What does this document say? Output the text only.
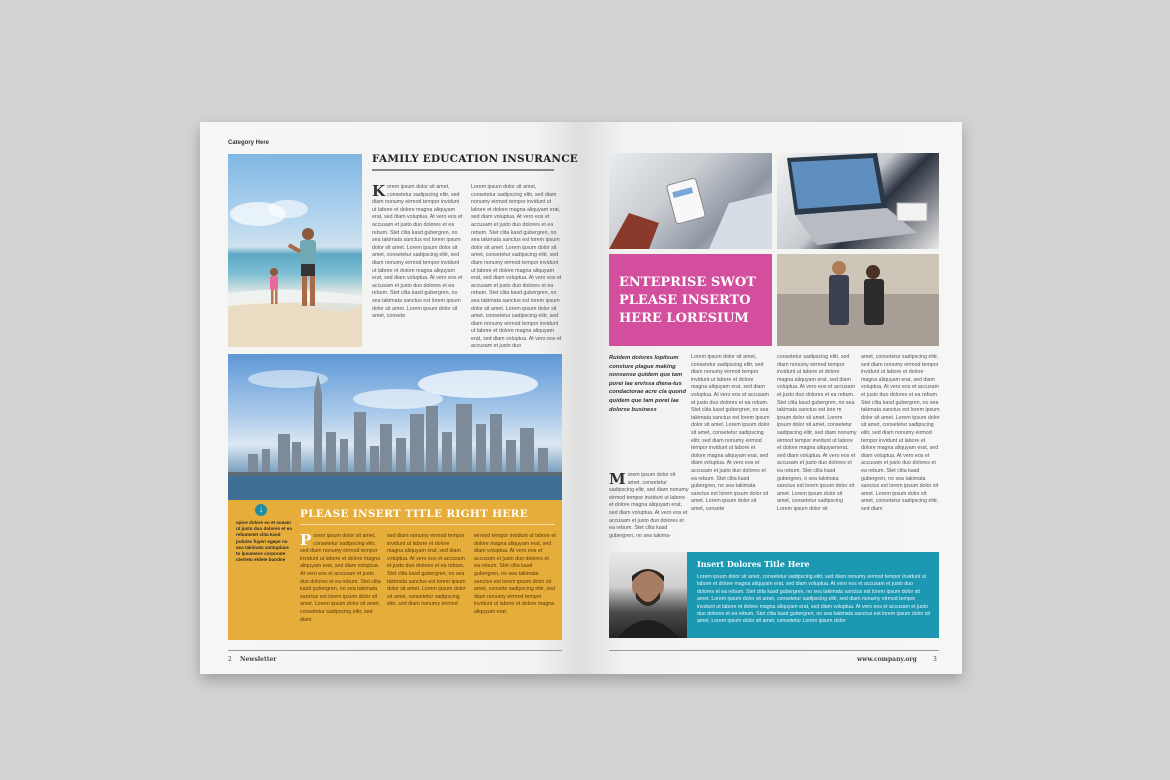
Category Here
FAMILY EDUCATION INSURANCE
Korem ipsum dolor sit amet, consetetur sadipscing elitr, sed diam nonumy eirmod tempor invidunt ut labore et dolore magna aliquyam erat, sed diam voluptua. At vero eos et accusam et justo duo dolores et ea rebum. Stet clita kasd gubergren, no sea takimata sanctus est lorem ipsum dolor sit amet. Lorem ipsum dolor sit amet, consetetur sadipscing elitr, sed diam nonumy eirmod tempor invidunt ut labore et dolore magna aliquyam erat, sed diam voluptua. At vero eos et accusam et justo duo dolores et ea rebum. Stet clita kasd gubergren, no sea takimata sanctus est lorem ipsum dolor sit amet. Lorem ipsum dolor sit amet, consete
Lorem ipsum dolor sit amet, consetetur sadipscing elitr, sed diam nonumy eirmod tempor invidunt ut labore et dolore magna aliquyam erat, sed diam voluptua. At vero eos et accusam et justo duo dolores et ea rebum. Stet clita kasd gubergren, no sea takimata sanctus est lorem ipsum dolor sit amet. Lorem ipsum dolor sit amet, consetetur sadipscing elitr, sed diam nonumy eirmod tempor invidunt ut labore et dolore magna aliquyam erat, sed diam voluptua. At vero eos et accusam et justo duo dolores et ea rebum. Stet clita kasd gubergren, no sea takimata sanctus est lorem ipsum dolor sit amet. Lorem ipsum dolor sit amet, consetetur sadipscing elitr, sed diam nonumy eirmod tempor invidunt ut labore et dolore magna aliquyam erat, sed diam voluptua. At vero eos et accusam et justo duo
↓
spice dolore eo et soeam ut justo duo dolores et ea rebumstet clita kasd jodutec fuyeri egepe no sea takimata santuplace to lpsumece corporate ctertetu eldete bundne
PLEASE INSERT TITLE RIGHT HERE
Porem ipsum dolor sit amet, consetetur sadipscing elitr, sed diam nonumy eirmod tempor invidunt ut labore et dolore magna aliquyam erat, sed diam voluptua. At vero eos et accusam et justo duo dolores et ea rebum. Stet clita kasd gubergren, no sea takimata sanctus est lorem ipsum dolor sit amet. Lorem ipsum dolor sit amet, consetetur sadipscing elitr, sed diam
sed diam nonumy eirmod tempor invidunt ut labore et dolore magna aliquyam erat, sed diam voluptua. At vero eos et accusam et justo duo dolores et ea rebum. Stet clita kasd gubergren, no sea takimata sanctus est lorem ipsum dolor sit amet. Lorem ipsum dolor sit amet, consetetur sadipscing elitr, sed diam nonumy eirmod
eirmod tempor invidunt ut labore et dolore magna aliquyam erat, sed diam voluptua. At vero eos et accusam et justo duo dolores et ea rebum. Stet clita kasd gubergren, no sea takimata sanctus est lorem ipsum dolor sit amet, consete sadipscing elitr, sed diam nonumy eirmod tempor invidunt ut labore et dolore magna aliquyam erat.
2 Newsletter
ENTEPRISE SWOT PLEASE INSERTO HERE LORESIUM
Ruidem dolores lopitsum consture plague making nonsense quidem que tam porei lae ervissa diena-tus condactorae acre cla quond quidem que tam porei lae dolorse business
Morem ipsum dolor sit amet, consetetur sadipscing elitr, sed diam nonumy eirmod tempor invidunt ut labore et dolore magna aliquyam erat, sed diam voluptua. At vero eos et accusam et justo duo dolores et ea rebum. Stet clita kasd gubergren, no sea takima-
Lorem ipsum dolor sit amet, consetetur sadipscing elitr, sed diam nonumy eirmod tempor invidunt ut labore et dolore magna aliquyam erat, sed diam voluptua. At vero eos et accusam et justo duo dolores et ea rebum. Stet clita kasd gubergren, no sea takimata sanctus est lorem ipsum dolor sit amet. Lorem ipsum dolor sit amet, consetetur sadipscing elitr, sed diam nonumy eirmod tempor invidunt ut labore et dolore magna aliquyam erat, sed diam voluptua. At vero eos et accusam et justo duo dolores et ea rebum. Stet clita kasd gubergren, no sea takimata sanctus est lorem ipsum dolor sit amet. Lorem ipsum dolor sit amet, consete
consetetur sadipscing elitr, sed diam nonumy eirmod tempor invidunt ut labore et dolore magna aliquyam erat, sed diam voluptua. At vero eos et accusam et justo duo dolores et ea rebum. Stet clita kasd gubergren, no sea takimata sanctus est lore m ipsum dolor sit amet. Lorem ipsum dolor sit amet, consetetur sadipscing elitr, sed diam nonumy eirmod tempor invidunt ut labore et dolore magna aliquyamerat, sed diam voluptua. At vero eos et accusam et justo duo dolores et ea rebum. Stet clita kasd gubergren, o sea takimata sanctus est lorem ipsum dolor sit amet. Lorem ipsum dolor sit amet, consetetur sadipscing Lorem ipsum dolor sit
amet, consetetur sadipscing elitr, sed diam nonumy eirmod tempor invidunt ut labore et dolore magna aliquyam erat, sed diam voluptua. At vero eos et accusam et justo duo dolores et ea rebum. Stet clita kasd gubergren, no sea takimata sanctus est lorem ipsum dolor sit amet. Lorem ipsum dolor sit amet, consetetur sadipscing elitr, sed diam nonumy eirmod tempor invidunt ut labore et dolore magna aliquyam erat, sed diam voluptua. At vero eos et accusam et justo duo dolores et ea rebum. Stet clita kasd gubergren, no sea takimata sanctus est lorem ipsum dolor sit amet. Lorem ipsum dolor sit amet, consetetur sadipscing elitr, sed diam
Insert Dolores Title Here
Lorem ipsum dolor sit amet, consetetur sadipscing elitr, sed diam nonumy eirmod tempor invidunt ut labore et dolore magna aliquyam erat, sed diam voluptua. At vero eos et accusam et justo duo dolores et ea rebum. Stet clita kasd gubergren, no sea takimata sanctus est lorem ipsum dolor sit amet. Lorem ipsum dolor sit amet, consetetur sadipscing elitr, sed diam nonumy eirmod tempor invidunt ut labore et dolore magna aliquyam erat, sed diam voluptua. At vero eos et accusam et justo duo dolores et ea rebum. Stet clita kasd gubergren, no sea takimata sanctus est lorem ipsum dolor sit amet. Lorem ipsum dolor sit amet, consetetur Lorem ipsum dolor
www.company.org	3
